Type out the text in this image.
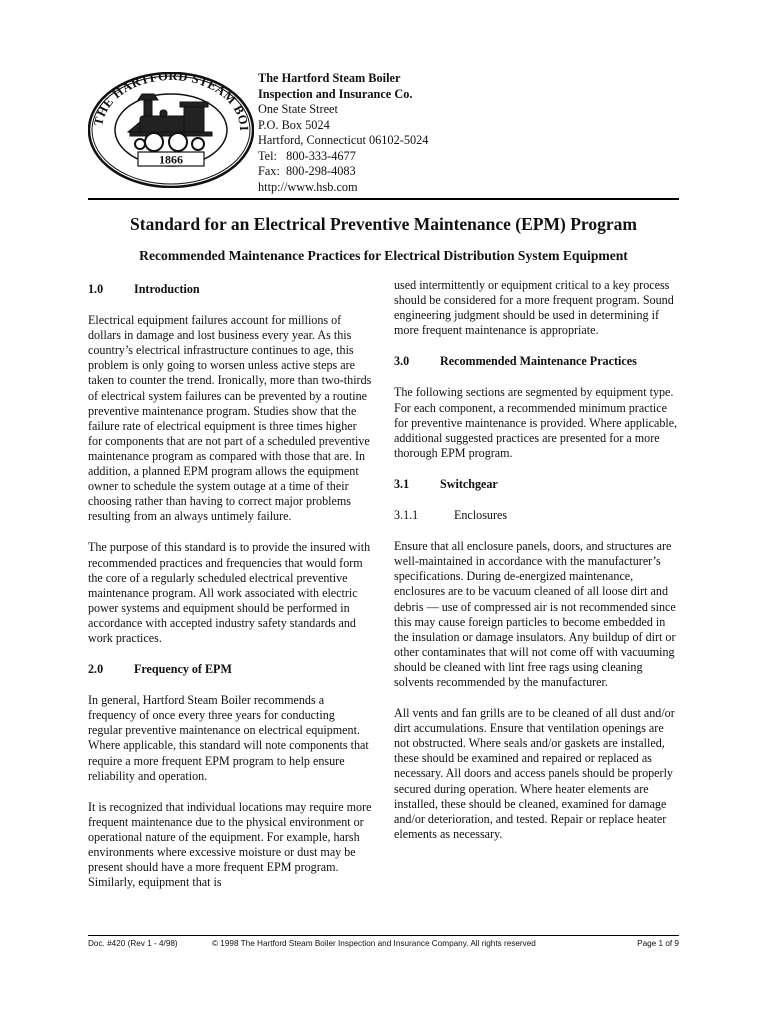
THE HARTFORD STEAM BOI
1866
The Hartford Steam Boiler
Inspection and Insurance Co.
One State Street
P.O. Box 5024
Hartford, Connecticut 06102-5024
Tel:   800-333-4677
Fax:  800-298-4083
http://www.hsb.com
Standard for an Electrical Preventive Maintenance (EPM) Program
Recommended Maintenance Practices for Electrical Distribution System Equipment
1.0	Introduction

Electrical equipment failures account for millions of dollars in damage and lost business every year. As this country’s electrical infrastructure continues to age, this problem is only going to worsen unless active steps are taken to counter the trend. Ironically, more than two-thirds of electrical system failures can be prevented by a routine preventive maintenance program. Studies show that the failure rate of electrical equipment is three times higher for components that are not part of a scheduled preventive maintenance program as compared with those that are. In addition, a planned EPM program allows the equipment owner to schedule the system outage at a time of their choosing rather than having to correct major problems resulting from an always untimely failure.

The purpose of this standard is to provide the insured with recommended practices and frequencies that would form the core of a regularly scheduled electrical preventive maintenance program. All work associated with electric power systems and equipment should be performed in accordance with accepted industry safety standards and work practices.

2.0	Frequency of EPM

In general, Hartford Steam Boiler recommends a frequency of once every three years for conducting regular preventive maintenance on electrical equipment. Where applicable, this standard will note components that require a more frequent EPM program to help ensure reliability and operation.

It is recognized that individual locations may require more frequent maintenance due to the physical environment or operational nature of the equipment. For example, harsh environments where excessive moisture or dust may be present should have a more frequent EPM program. Similarly, equipment that is

used intermittently or equipment critical to a key process should be considered for a more frequent program. Sound engineering judgment should be used in determining if more frequent maintenance is appropriate.

3.0	Recommended Maintenance Practices

The following sections are segmented by equipment type. For each component, a recommended minimum practice for preventive maintenance is provided. Where applicable, additional suggested practices are presented for a more thorough EPM program.

3.1	Switchgear
3.1.1	Enclosures

Ensure that all enclosure panels, doors, and structures are well-maintained in accordance with the manufacturer’s specifications. During de-energized maintenance, enclosures are to be vacuum cleaned of all loose dirt and debris — use of compressed air is not recommended since this may cause foreign particles to become embedded in the insulation or damage insulators. Any buildup of dirt or other contaminates that will not come off with vacuuming should be cleaned with lint free rags using cleaning solvents recommended by the manufacturer.

All vents and fan grills are to be cleaned of all dust and/or dirt accumulations. Ensure that ventilation openings are not obstructed. Where seals and/or gaskets are installed, these should be examined and repaired or replaced as necessary. All doors and access panels should be properly secured during operation. Where heater elements are installed, these should be cleaned, examined for damage and/or deterioration, and tested. Repair or replace heater elements as necessary.

Doc. #420 (Rev 1 - 4/98)	© 1998 The Hartford Steam Boiler Inspection and Insurance Company. All rights reserved	Page 1 of 9
